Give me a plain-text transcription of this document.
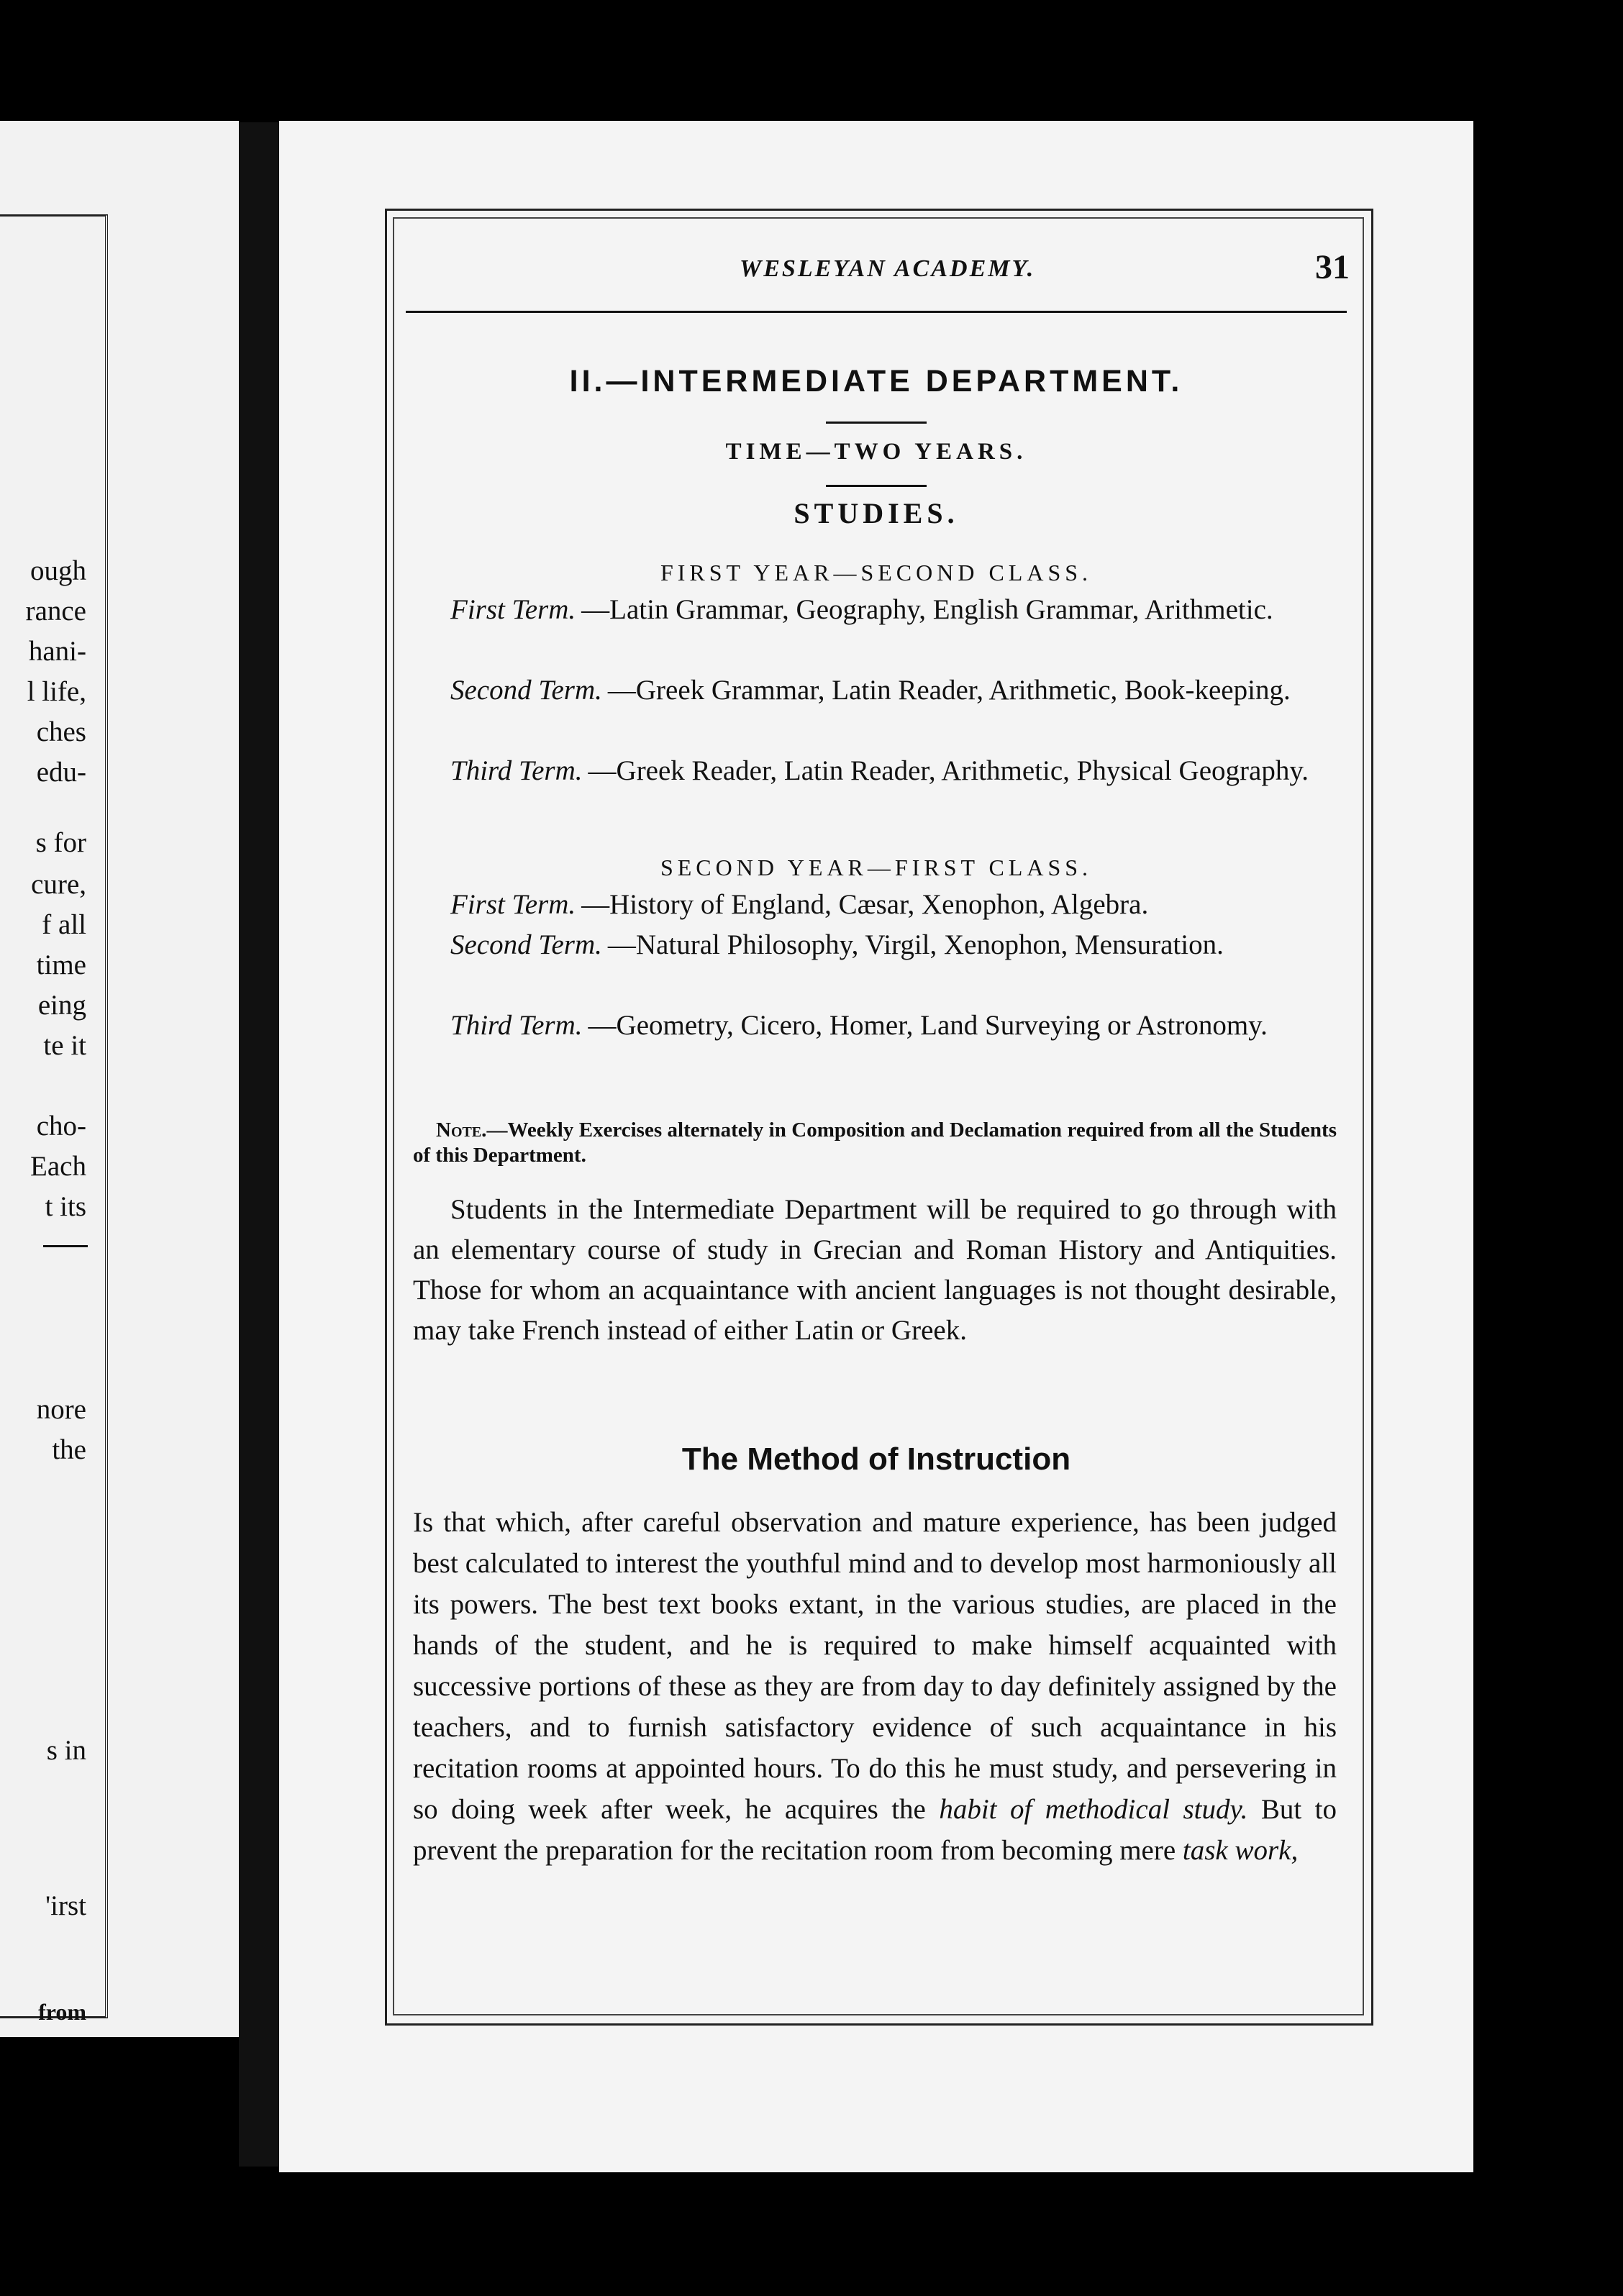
ough
rance
hani-
l life,
ches
edu-
s for
cure,
f all
time
eing
te it
cho-
Each
t its
nore
the
s in
'irst
from
WESLEYAN ACADEMY.	31
II.—INTERMEDIATE DEPARTMENT.
TIME—TWO YEARS.
STUDIES.
FIRST YEAR—SECOND CLASS.
First Term. —Latin Grammar, Geography, English Grammar, Arithmetic.
Second Term. —Greek Grammar, Latin Reader, Arithmetic, Book-keeping.
Third Term. —Greek Reader, Latin Reader, Arithmetic, Physical Geography.
SECOND YEAR—FIRST CLASS.
First Term. —History of England, Cæsar, Xenophon, Algebra.
Second Term. —Natural Philosophy, Virgil, Xenophon, Mensuration.
Third Term. —Geometry, Cicero, Homer, Land Surveying or Astronomy.
Note.—Weekly Exercises alternately in Composition and Declamation required from all the Students of this Department.
Students in the Intermediate Department will be required to go through with an elementary course of study in Grecian and Roman History and Antiquities. Those for whom an acquaintance with ancient languages is not thought desirable, may take French instead of either Latin or Greek.
The Method of Instruction
Is that which, after careful observation and mature experience, has been judged best calculated to interest the youthful mind and to develop most harmoniously all its powers. The best text books extant, in the various studies, are placed in the hands of the student, and he is required to make himself acquainted with successive portions of these as they are from day to day definitely assigned by the teachers, and to furnish satisfactory evidence of such acquaintance in his recitation rooms at appointed hours. To do this he must study, and persevering in so doing week after week, he acquires the habit of methodical study. But to prevent the preparation for the recitation room from becoming mere task work,
